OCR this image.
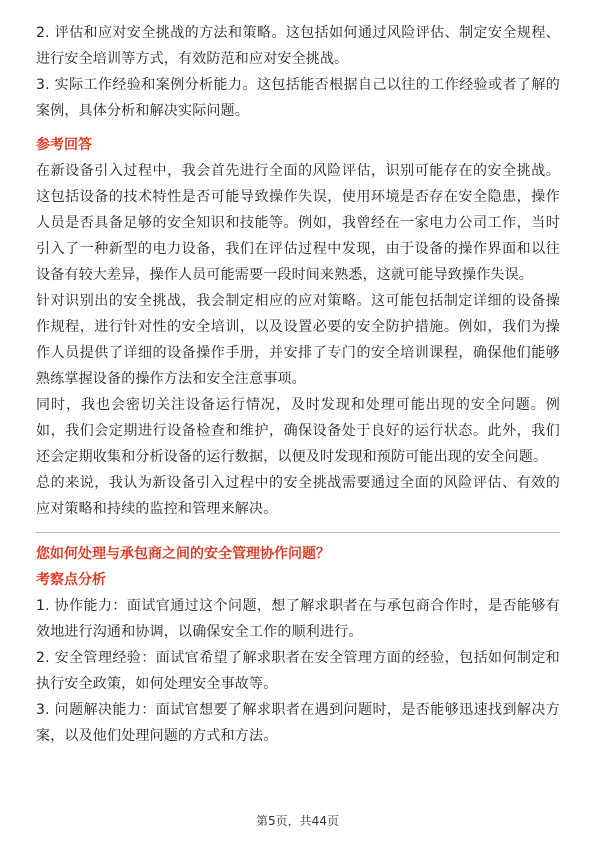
2. 评估和应对安全挑战的方法和策略。这包括如何通过风险评估、制定安全规程、进行安全培训等方式，有效防范和应对安全挑战。

3. 实际工作经验和案例分析能力。这包括能否根据自己以往的工作经验或者了解的案例，具体分析和解决实际问题。

参考回答

在新设备引入过程中，我会首先进行全面的风险评估，识别可能存在的安全挑战。这包括设备的技术特性是否可能导致操作失误，使用环境是否存在安全隐患，操作人员是否具备足够的安全知识和技能等。例如，我曾经在一家电力公司工作，当时引入了一种新型的电力设备，我们在评估过程中发现，由于设备的操作界面和以往设备有较大差异，操作人员可能需要一段时间来熟悉，这就可能导致操作失误。

针对识别出的安全挑战，我会制定相应的应对策略。这可能包括制定详细的设备操作规程，进行针对性的安全培训，以及设置必要的安全防护措施。例如，我们为操作人员提供了详细的设备操作手册，并安排了专门的安全培训课程，确保他们能够熟练掌握设备的操作方法和安全注意事项。

同时，我也会密切关注设备运行情况，及时发现和处理可能出现的安全问题。例如，我们会定期进行设备检查和维护，确保设备处于良好的运行状态。此外，我们还会定期收集和分析设备的运行数据，以便及时发现和预防可能出现的安全问题。

总的来说，我认为新设备引入过程中的安全挑战需要通过全面的风险评估、有效的应对策略和持续的监控和管理来解决。

您如何处理与承包商之间的安全管理协作问题？

考察点分析

1. 协作能力：面试官通过这个问题，想了解求职者在与承包商合作时，是否能够有效地进行沟通和协调，以确保安全工作的顺利进行。

2. 安全管理经验：面试官希望了解求职者在安全管理方面的经验，包括如何制定和执行安全政策，如何处理安全事故等。

3. 问题解决能力：面试官想要了解求职者在遇到问题时，是否能够迅速找到解决方案，以及他们处理问题的方式和方法。

第5页，共44页
